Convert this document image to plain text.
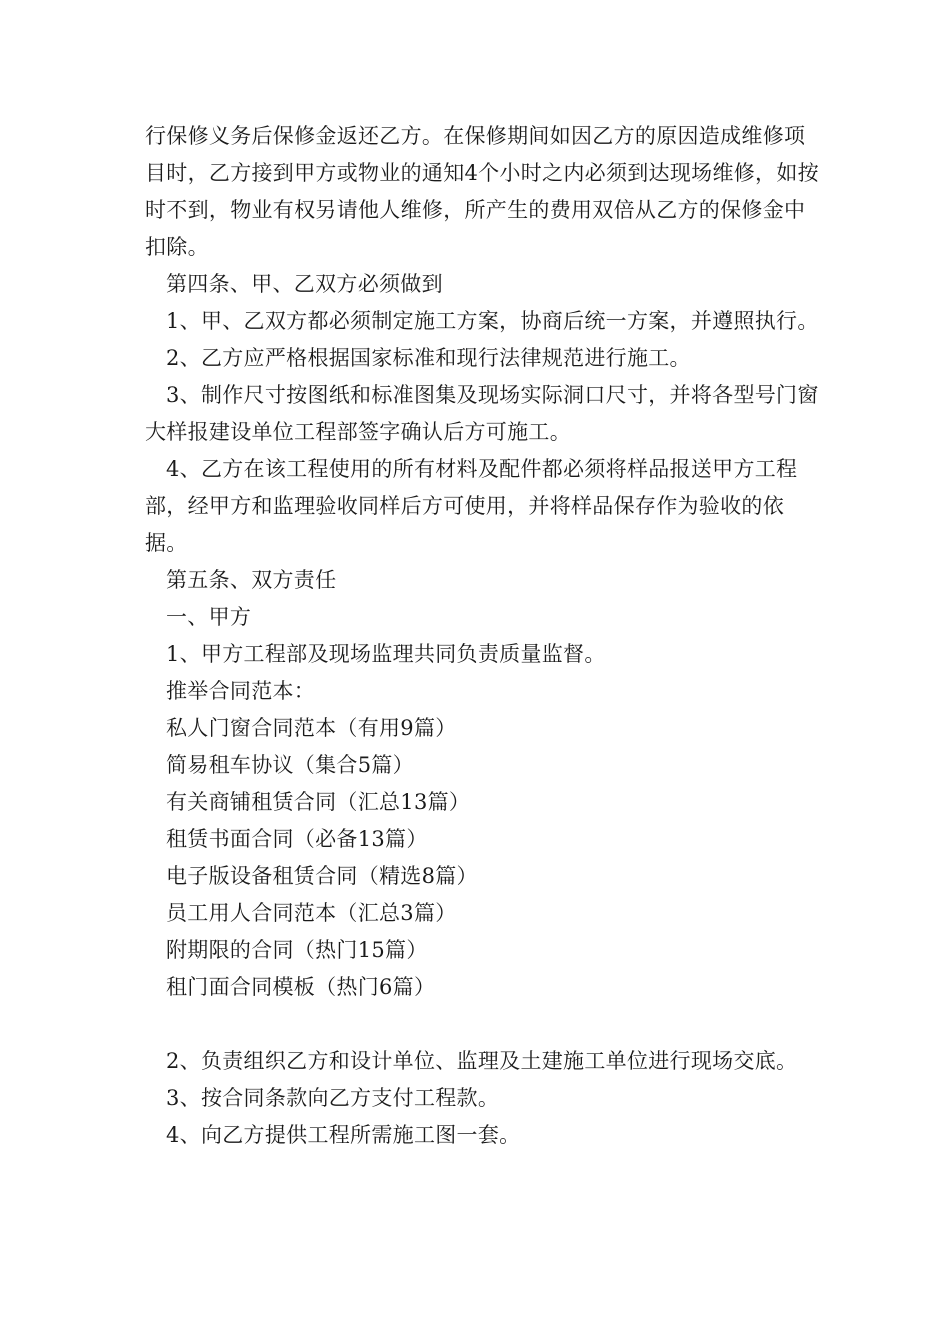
行保修义务后保修金返还乙方。在保修期间如因乙方的原因造成维修项目时，乙方接到甲方或物业的通知4个小时之内必须到达现场维修，如按时不到，物业有权另请他人维修，所产生的费用双倍从乙方的保修金中扣除。

第四条、甲、乙双方必须做到

1、甲、乙双方都必须制定施工方案，协商后统一方案，并遵照执行。

2、乙方应严格根据国家标准和现行法律规范进行施工。

3、制作尺寸按图纸和标准图集及现场实际洞口尺寸，并将各型号门窗大样报建设单位工程部签字确认后方可施工。

4、乙方在该工程使用的所有材料及配件都必须将样品报送甲方工程部，经甲方和监理验收同样后方可使用，并将样品保存作为验收的依据。

第五条、双方责任

一、甲方

1、甲方工程部及现场监理共同负责质量监督。

推举合同范本：

私人门窗合同范本（有用9篇）

简易租车协议（集合5篇）

有关商铺租赁合同（汇总13篇）

租赁书面合同（必备13篇）

电子版设备租赁合同（精选8篇）

员工用人合同范本（汇总3篇）

附期限的合同（热门15篇）

租门面合同模板（热门6篇）

2、负责组织乙方和设计单位、监理及土建施工单位进行现场交底。

3、按合同条款向乙方支付工程款。

4、向乙方提供工程所需施工图一套。
